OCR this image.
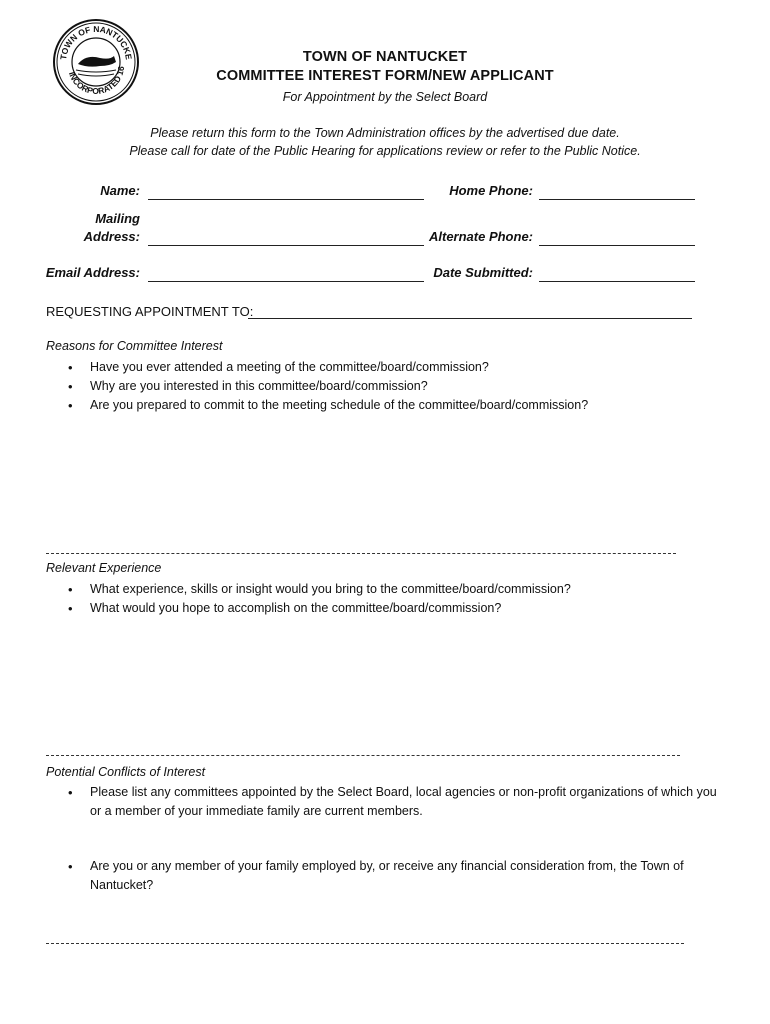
TOWN OF NANTUCKE
INCORPORATED 16
TOWN OF NANTUCKET
COMMITTEE INTEREST FORM/NEW APPLICANT
For Appointment by the Select Board
Please return this form to the Town Administration offices by the advertised due date.
Please call for date of the Public Hearing for applications review or refer to the Public Notice.
Name:	Home Phone:
Mailing
Address:	Alternate Phone:
Email Address:	Date Submitted:
REQUESTING APPOINTMENT TO:
Reasons for Committee Interest
• Have you ever attended a meeting of the committee/board/commission?
• Why are you interested in this committee/board/commission?
• Are you prepared to commit to the meeting schedule of the committee/board/commission?
Relevant Experience
• What experience, skills or insight would you bring to the committee/board/commission?
• What would you hope to accomplish on the committee/board/commission?
Potential Conflicts of Interest
• Please list any committees appointed by the Select Board, local agencies or non-profit organizations of which you or a member of your immediate family are current members.
• Are you or any member of your family employed by, or receive any financial consideration from, the Town of Nantucket?
